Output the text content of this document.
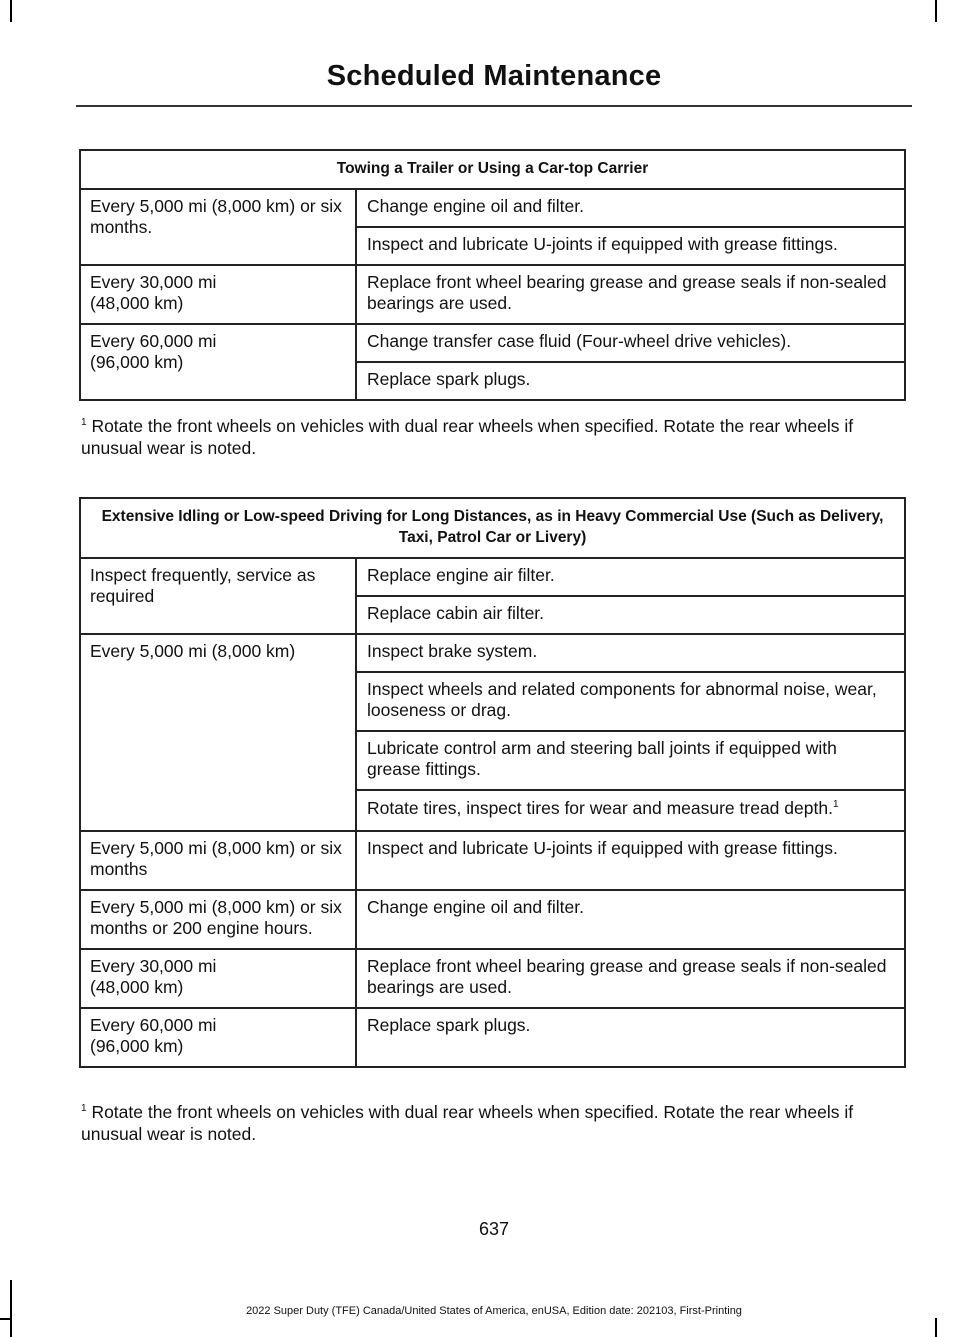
Scheduled Maintenance
Towing a Trailer or Using a Car-top Carrier	
Every 5,000 mi (8,000 km) or six months.	Change engine oil and filter.
	Inspect and lubricate U-joints if equipped with grease fittings.
Every 30,000 mi (48,000 km)	Replace front wheel bearing grease and grease seals if non-sealed bearings are used.
Every 60,000 mi (96,000 km)	Change transfer case fluid (Four-wheel drive vehicles).
	Replace spark plugs.
$^1$ Rotate the front wheels on vehicles with dual rear wheels when specified. Rotate the rear wheels if unusual wear is noted.
Extensive Idling or Low-speed Driving for Long Distances, as in Heavy Commercial Use (Such as Delivery, Taxi, Patrol Car or Livery)	
Inspect frequently, service as required	Replace engine air filter.
	Replace cabin air filter.
Every 5,000 mi (8,000 km)	Inspect brake system.
	Inspect wheels and related components for abnormal noise, wear, looseness or drag.
	Lubricate control arm and steering ball joints if equipped with grease fittings.
	Rotate tires, inspect tires for wear and measure tread depth.$^1$
Every 5,000 mi (8,000 km) or six months	Inspect and lubricate U-joints if equipped with grease fittings.
Every 5,000 mi (8,000 km) or six months or 200 engine hours.	Change engine oil and filter.
Every 30,000 mi (48,000 km)	Replace front wheel bearing grease and grease seals if non-sealed bearings are used.
Every 60,000 mi (96,000 km)	Replace spark plugs.
$^1$ Rotate the front wheels on vehicles with dual rear wheels when specified. Rotate the rear wheels if unusual wear is noted.
637
2022 Super Duty (TFE) Canada/United States of America, enUSA, Edition date: 202103, First-Printing
